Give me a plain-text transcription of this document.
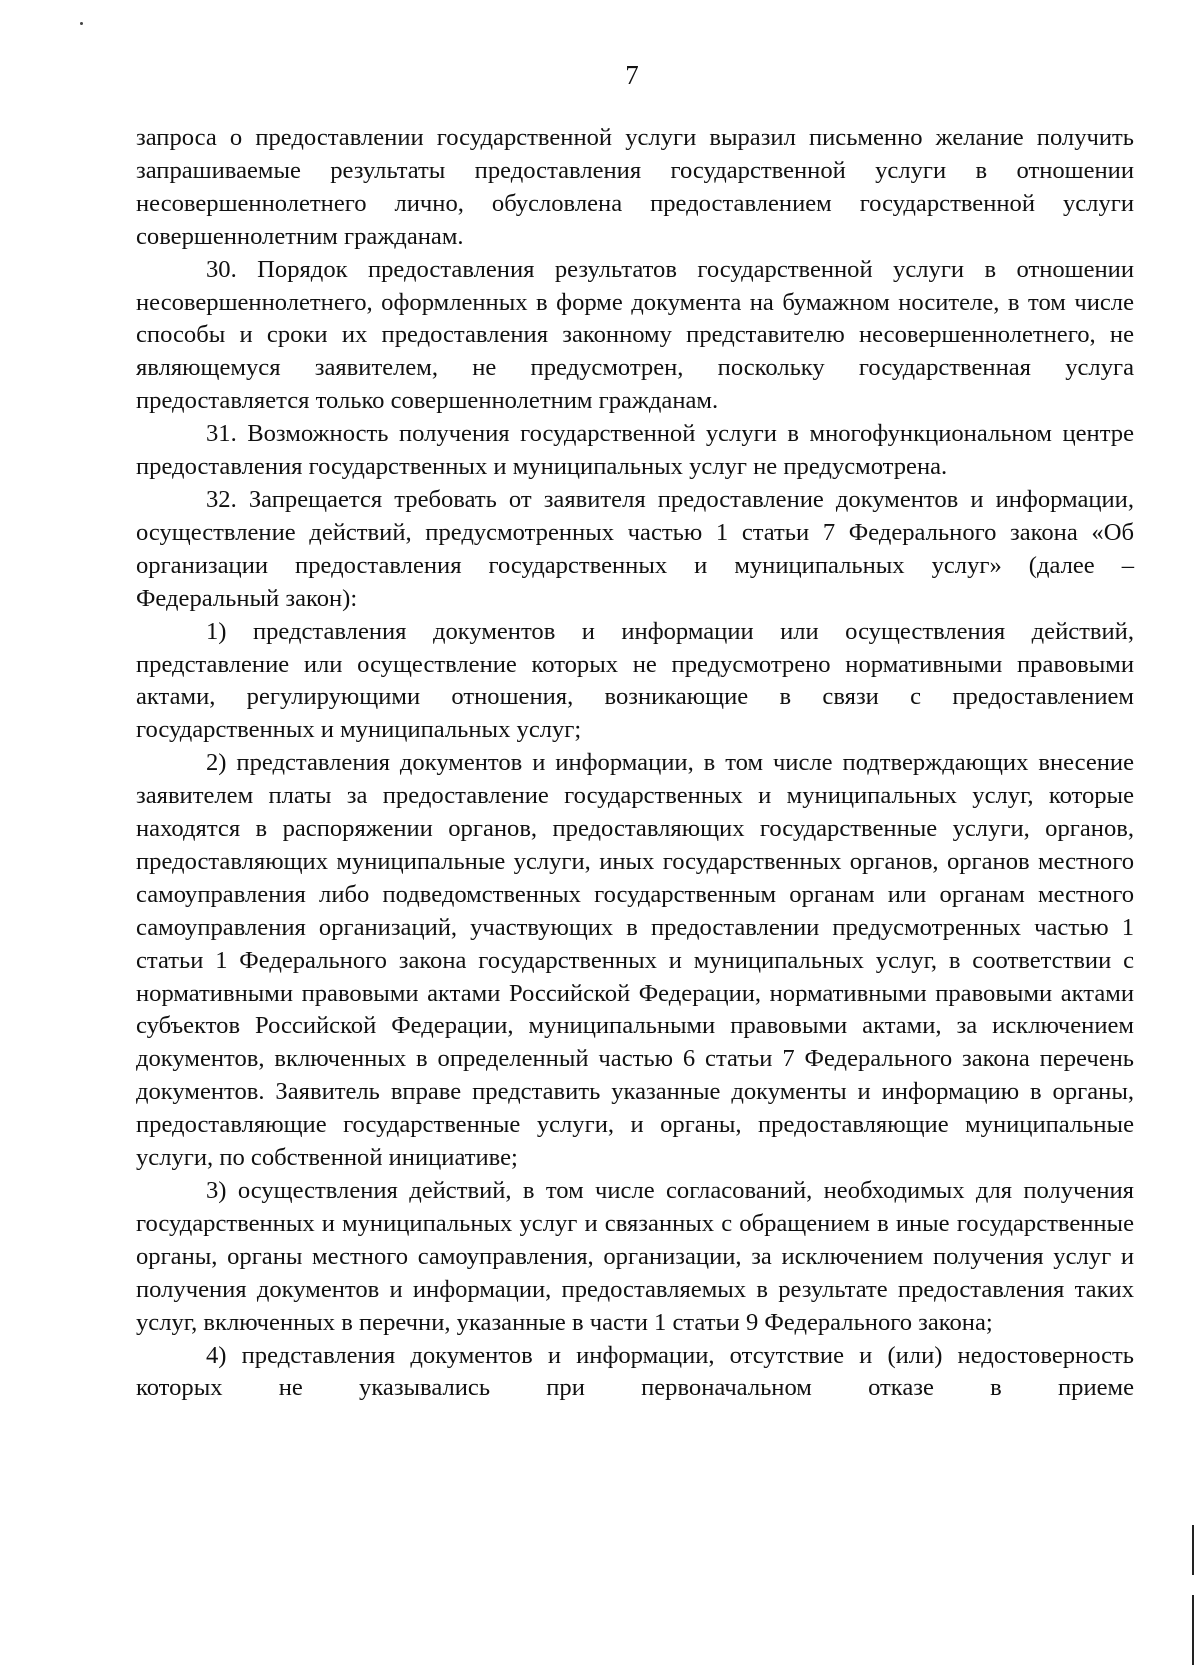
7

запроса о предоставлении государственной услуги выразил письменно желание получить запрашиваемые результаты предоставления государственной услуги в отношении несовершеннолетнего лично, обусловлена предоставлением государственной услуги совершеннолетним гражданам.

30. Порядок предоставления результатов государственной услуги в отношении несовершеннолетнего, оформленных в форме документа на бумажном носителе, в том числе способы и сроки их предоставления законному представителю несовершеннолетнего, не являющемуся заявителем, не предусмотрен, поскольку государственная услуга предоставляется только совершеннолетним гражданам.

31. Возможность получения государственной услуги в многофункциональном центре предоставления государственных и муниципальных услуг не предусмотрена.

32. Запрещается требовать от заявителя предоставление документов и информации, осуществление действий, предусмотренных частью 1 статьи 7 Федерального закона «Об организации предоставления государственных и муниципальных услуг» (далее – Федеральный закон):

1) представления документов и информации или осуществления действий, представление или осуществление которых не предусмотрено нормативными правовыми актами, регулирующими отношения, возникающие в связи с предоставлением государственных и муниципальных услуг;

2) представления документов и информации, в том числе подтверждающих внесение заявителем платы за предоставление государственных и муниципальных услуг, которые находятся в распоряжении органов, предоставляющих государственные услуги, органов, предоставляющих муниципальные услуги, иных государственных органов, органов местного самоуправления либо подведомственных государственным органам или органам местного самоуправления организаций, участвующих в предоставлении предусмотренных частью 1 статьи 1 Федерального закона государственных и муниципальных услуг, в соответствии с нормативными правовыми актами Российской Федерации, нормативными правовыми актами субъектов Российской Федерации, муниципальными правовыми актами, за исключением документов, включенных в определенный частью 6 статьи 7 Федерального закона перечень документов. Заявитель вправе представить указанные документы и информацию в органы, предоставляющие государственные услуги, и органы, предоставляющие муниципальные услуги, по собственной инициативе;

3) осуществления действий, в том числе согласований, необходимых для получения государственных и муниципальных услуг и связанных с обращением в иные государственные органы, органы местного самоуправления, организации, за исключением получения услуг и получения документов и информации, предоставляемых в результате предоставления таких услуг, включенных в перечни, указанные в части 1 статьи 9 Федерального закона;

4) представления документов и информации, отсутствие и (или) недостоверность которых не указывались при первоначальном отказе в приеме
